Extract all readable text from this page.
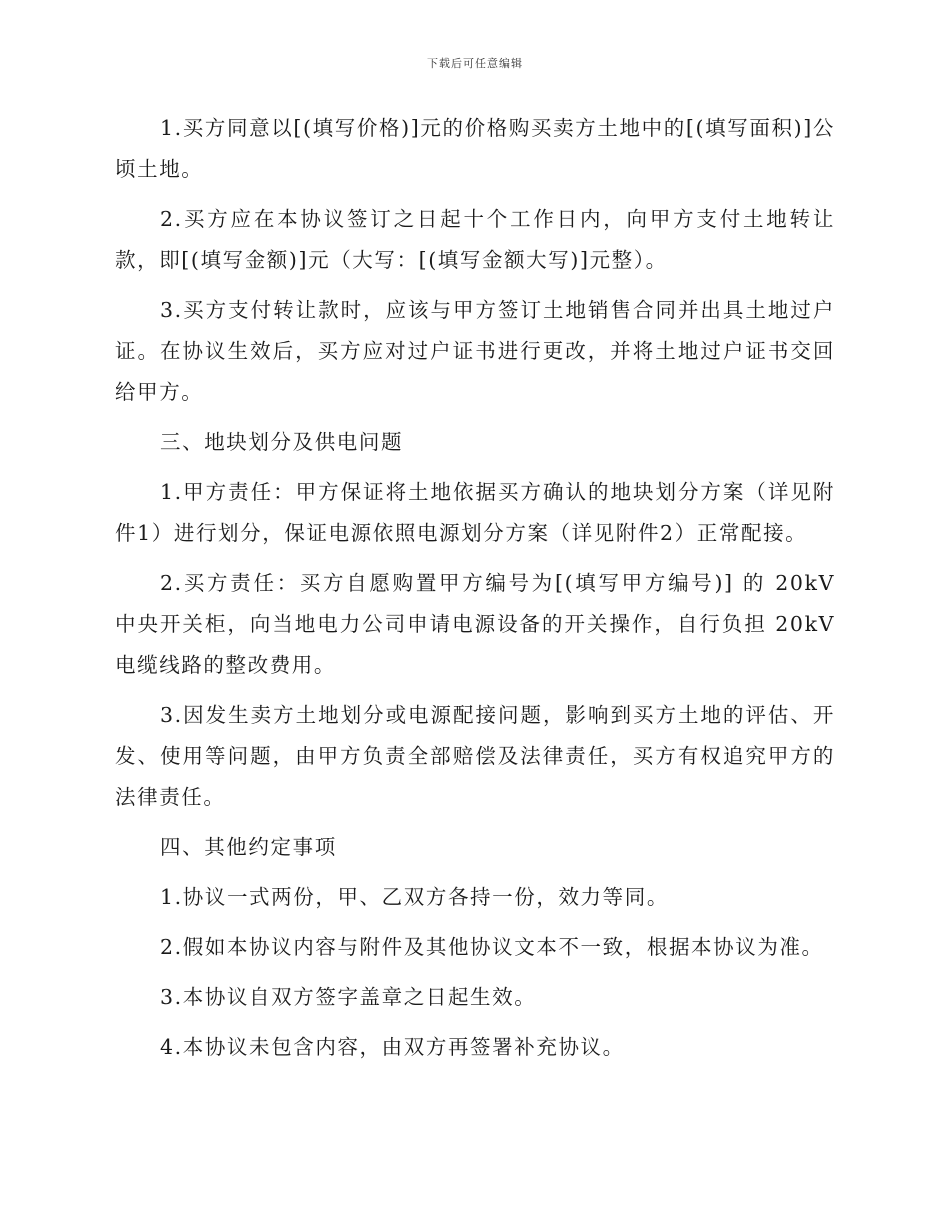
下载后可任意编辑

1.买方同意以[(填写价格)]元的价格购买卖方土地中的[(填写面积)]公顷土地。

2.买方应在本协议签订之日起十个工作日内，向甲方支付土地转让款，即[(填写金额)]元（大写：[(填写金额大写)]元整）。

3.买方支付转让款时，应该与甲方签订土地销售合同并出具土地过户证。在协议生效后，买方应对过户证书进行更改，并将土地过户证书交回给甲方。

三、地块划分及供电问题

1.甲方责任：甲方保证将土地依据买方确认的地块划分方案（详见附件1）进行划分，保证电源依照电源划分方案（详见附件2）正常配接。

2.买方责任：买方自愿购置甲方编号为[(填写甲方编号)] 的 20kV 中央开关柜，向当地电力公司申请电源设备的开关操作，自行负担 20kV 电缆线路的整改费用。

3.因发生卖方土地划分或电源配接问题，影响到买方土地的评估、开发、使用等问题，由甲方负责全部赔偿及法律责任，买方有权追究甲方的法律责任。

四、其他约定事项

1.协议一式两份，甲、乙双方各持一份，效力等同。

2.假如本协议内容与附件及其他协议文本不一致，根据本协议为准。

3.本协议自双方签字盖章之日起生效。

4.本协议未包含内容，由双方再签署补充协议。
